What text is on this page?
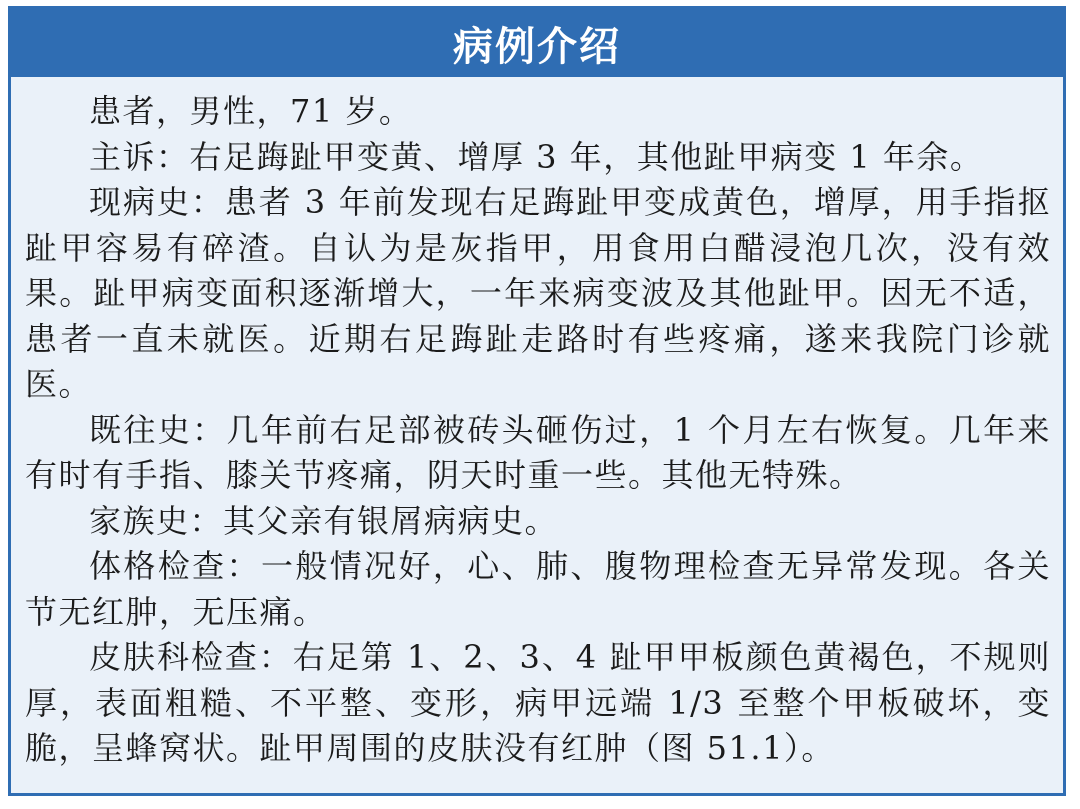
病例介绍

患者，男性，71 岁。

主诉：右足踇趾甲变黄、增厚 3 年，其他趾甲病变 1 年余。

现病史：患者 3 年前发现右足踇趾甲变成黄色，增厚，用手指抠趾甲容易有碎渣。自认为是灰指甲，用食用白醋浸泡几次，没有效果。趾甲病变面积逐渐增大，一年来病变波及其他趾甲。因无不适，患者一直未就医。近期右足踇趾走路时有些疼痛，遂来我院门诊就医。

既往史：几年前右足部被砖头砸伤过，1 个月左右恢复。几年来有时有手指、膝关节疼痛，阴天时重一些。其他无特殊。

家族史：其父亲有银屑病病史。

体格检查：一般情况好，心、肺、腹物理检查无异常发现。各关节无红肿，无压痛。

皮肤科检查：右足第 1、2、3、4 趾甲甲板颜色黄褐色，不规则厚，表面粗糙、不平整、变形，病甲远端 1/3 至整个甲板破坏，变脆，呈蜂窝状。趾甲周围的皮肤没有红肿（图 51.1）。
